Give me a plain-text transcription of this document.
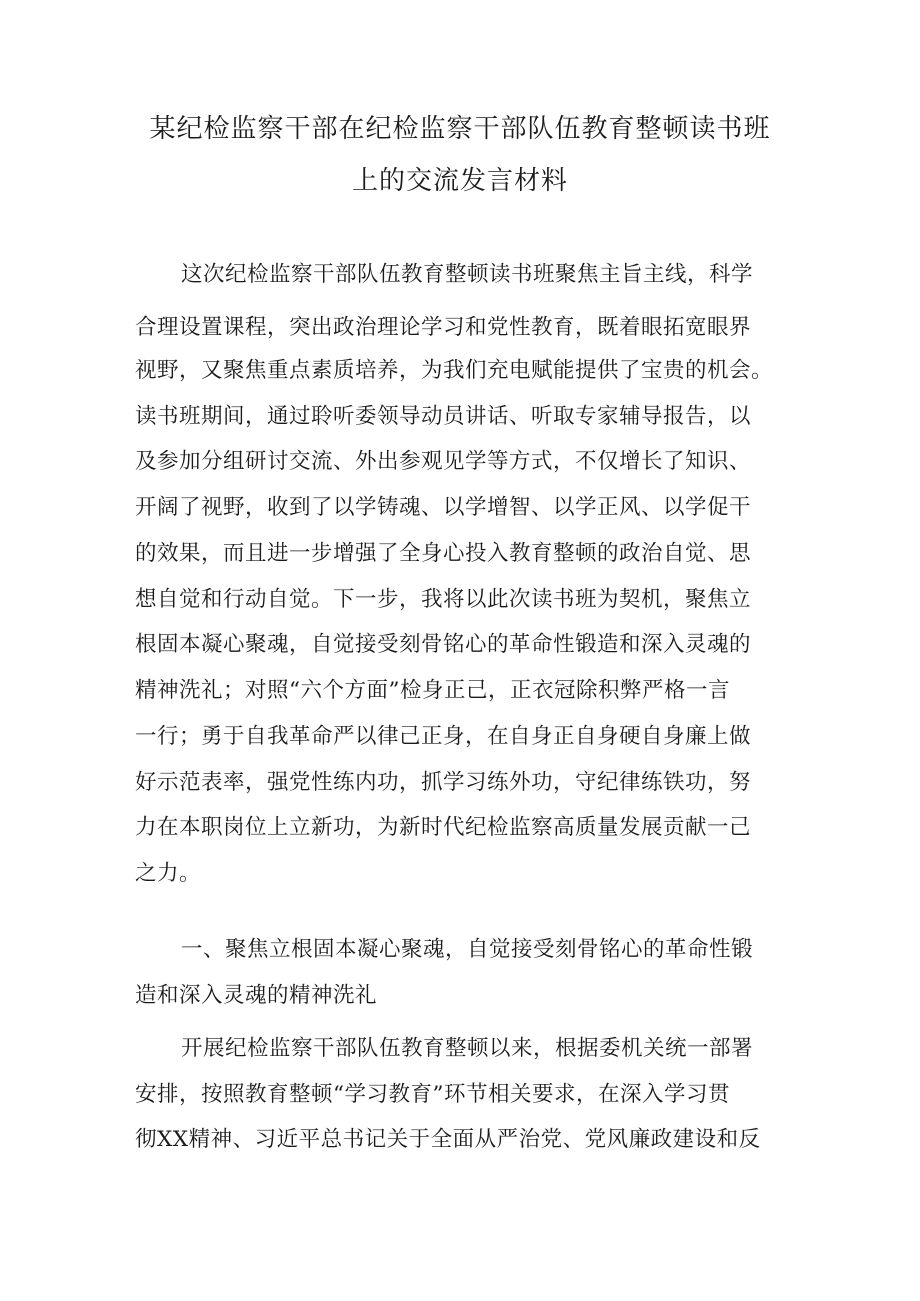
某纪检监察干部在纪检监察干部队伍教育整顿读书班
上的交流发言材料
这次纪检监察干部队伍教育整顿读书班聚焦主旨主线，科学
合理设置课程，突出政治理论学习和党性教育，既着眼拓宽眼界
视野，又聚焦重点素质培养，为我们充电赋能提供了宝贵的机会。
读书班期间，通过聆听委领导动员讲话、听取专家辅导报告，以
及参加分组研讨交流、外出参观见学等方式，不仅增长了知识、
开阔了视野，收到了以学铸魂、以学增智、以学正风、以学促干
的效果，而且进一步增强了全身心投入教育整顿的政治自觉、思
想自觉和行动自觉。下一步，我将以此次读书班为契机，聚焦立
根固本凝心聚魂，自觉接受刻骨铭心的革命性锻造和深入灵魂的
精神洗礼；对照“六个方面”检身正己，正衣冠除积弊严格一言
一行；勇于自我革命严以律己正身，在自身正自身硬自身廉上做
好示范表率，强党性练内功，抓学习练外功，守纪律练铁功，努
力在本职岗位上立新功，为新时代纪检监察高质量发展贡献一己
之力。
一、聚焦立根固本凝心聚魂，自觉接受刻骨铭心的革命性锻
造和深入灵魂的精神洗礼
开展纪检监察干部队伍教育整顿以来，根据委机关统一部署
安排，按照教育整顿“学习教育”环节相关要求，在深入学习贯
彻XX精神、习近平总书记关于全面从严治党、党风廉政建设和反
